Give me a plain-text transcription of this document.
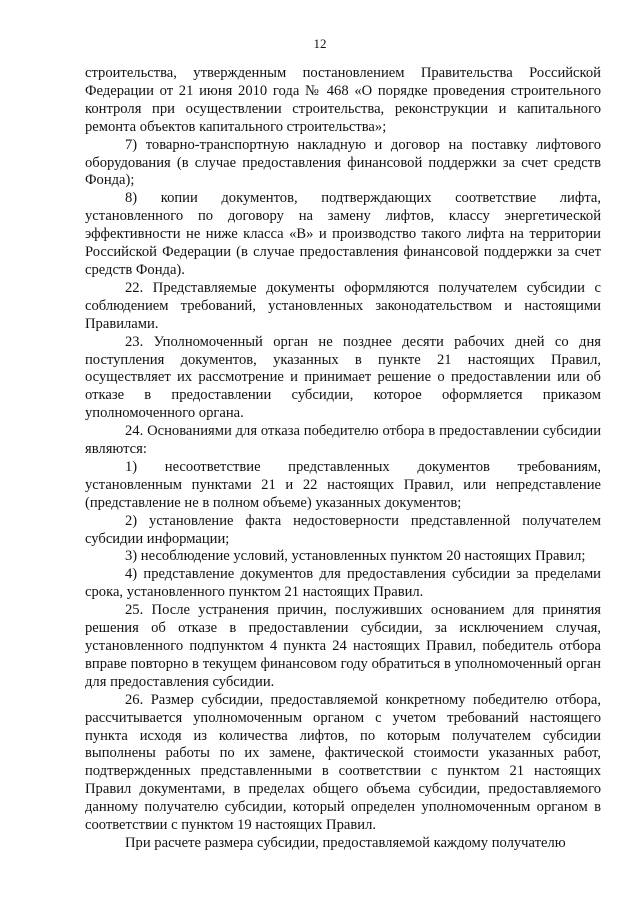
12

строительства, утвержденным постановлением Правительства Российской Федерации от 21 июня 2010 года № 468 «О порядке проведения строительного контроля при осуществлении строительства, реконструкции и капитального ремонта объектов капитального строительства»;

7) товарно-транспортную накладную и договор на поставку лифтового оборудования (в случае предоставления финансовой поддержки за счет средств Фонда);

8) копии документов, подтверждающих соответствие лифта, установленного по договору на замену лифтов, классу энергетической эффективности не ниже класса «В» и производство такого лифта на территории Российской Федерации (в случае предоставления финансовой поддержки за счет средств Фонда).

22. Представляемые документы оформляются получателем субсидии с соблюдением требований, установленных законодательством и настоящими Правилами.

23. Уполномоченный орган не позднее десяти рабочих дней со дня поступления документов, указанных в пункте 21 настоящих Правил, осуществляет их рассмотрение и принимает решение о предоставлении или об отказе в предоставлении субсидии, которое оформляется приказом уполномоченного органа.

24. Основаниями для отказа победителю отбора в предоставлении субсидии являются:

1) несоответствие представленных документов требованиям, установленным пунктами 21 и 22 настоящих Правил, или непредставление (представление не в полном объеме) указанных документов;

2) установление факта недостоверности представленной получателем субсидии информации;

3) несоблюдение условий, установленных пунктом 20 настоящих Правил;

4) представление документов для предоставления субсидии за пределами срока, установленного пунктом 21 настоящих Правил.

25. После устранения причин, послуживших основанием для принятия решения об отказе в предоставлении субсидии, за исключением случая, установленного подпунктом 4 пункта 24 настоящих Правил, победитель отбора вправе повторно в текущем финансовом году обратиться в уполномоченный орган для предоставления субсидии.

26. Размер субсидии, предоставляемой конкретному победителю отбора, рассчитывается уполномоченным органом с учетом требований настоящего пункта исходя из количества лифтов, по которым получателем субсидии выполнены работы по их замене, фактической стоимости указанных работ, подтвержденных представленными в соответствии с пунктом 21 настоящих Правил документами, в пределах общего объема субсидии, предоставляемого данному получателю субсидии, который определен уполномоченным органом в соответствии с пунктом 19 настоящих Правил.

При расчете размера субсидии, предоставляемой каждому получателю
